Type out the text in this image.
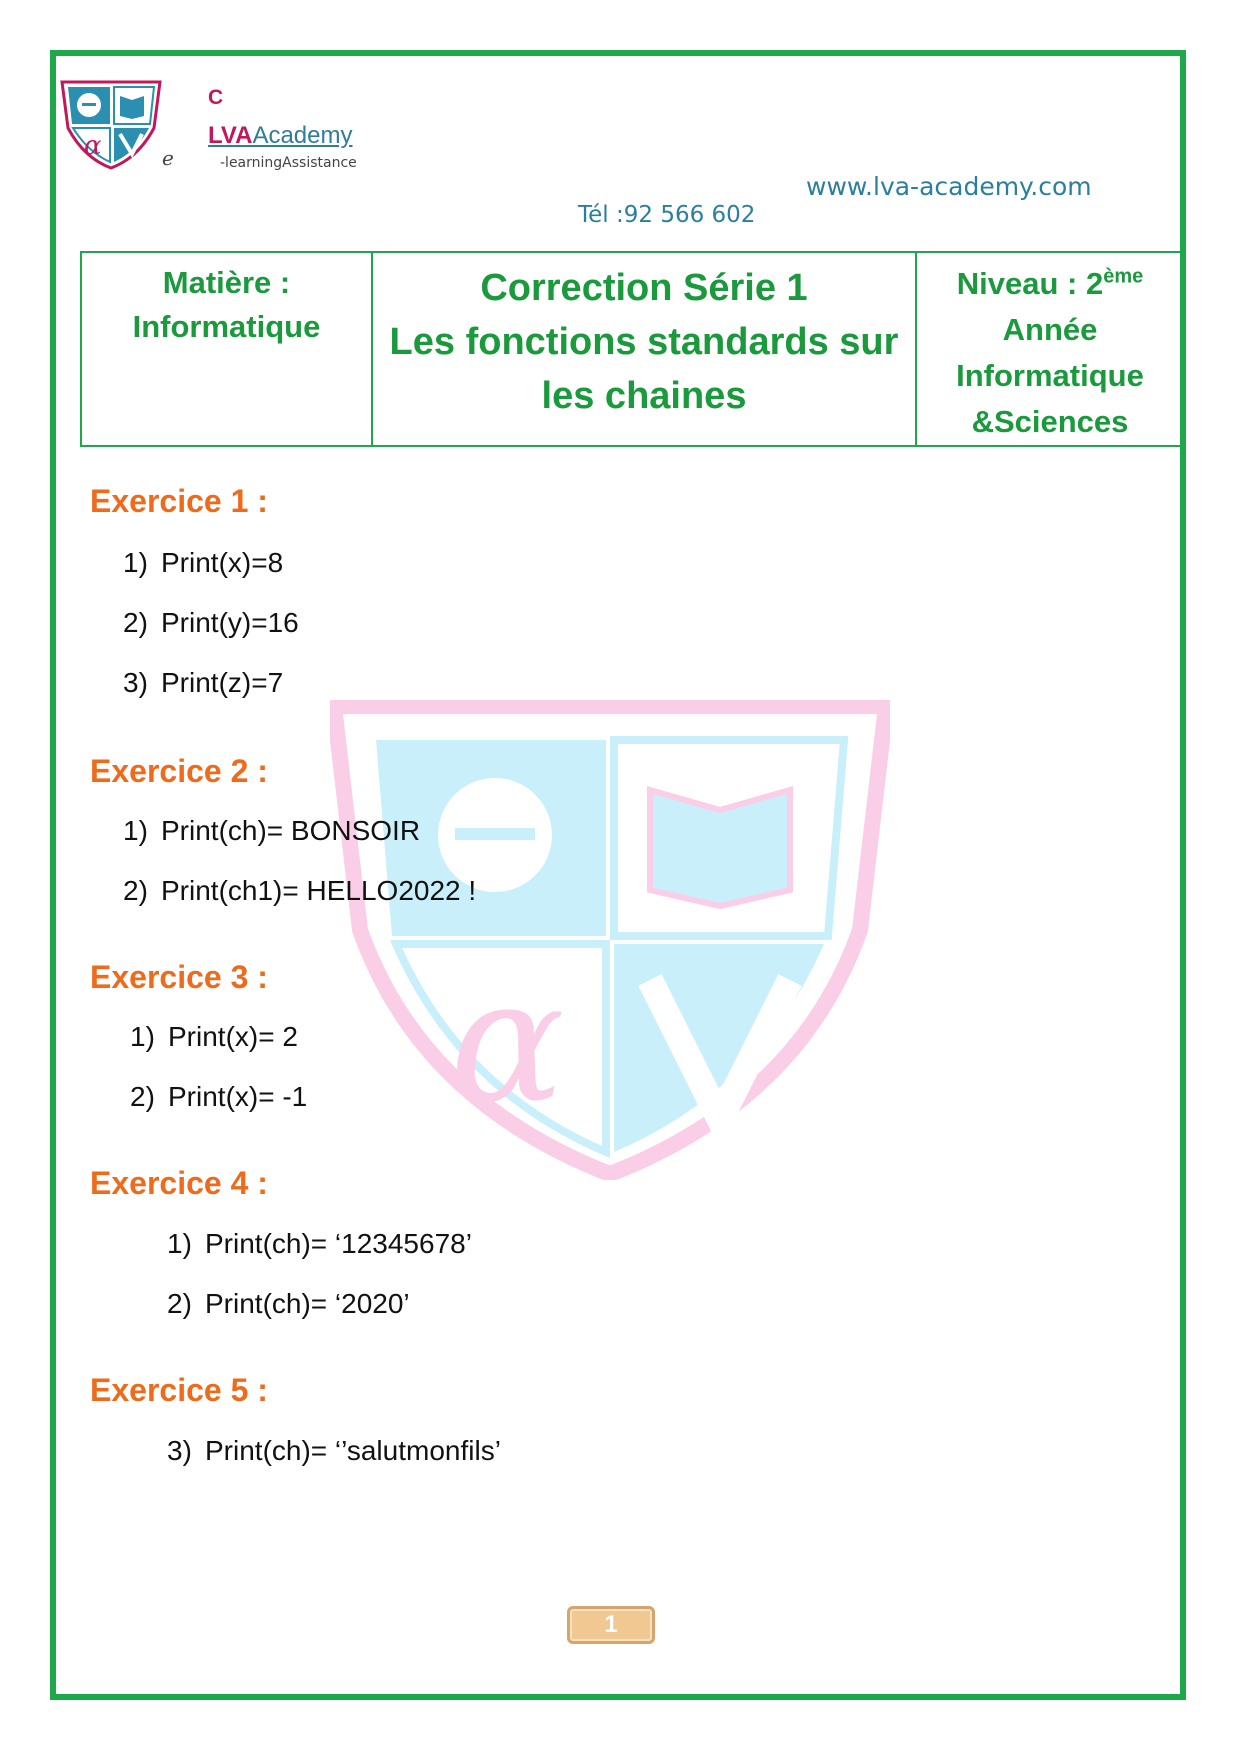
α	e
C
LVAAcademy
-learningAssistance
www.lva-academy.com
Tél :92 566 602
Matière :
Informatique

Correction Série 1
Les fonctions standards sur
les chaines

Niveau : 2ème
Année
Informatique
&Sciences
α
Exercice 1 :
1) Print(x)=8
2) Print(y)=16
3) Print(z)=7
Exercice 2 :
1) Print(ch)= BONSOIR
2) Print(ch1)= HELLO2022 !
Exercice 3 :
1) Print(x)= 2
2) Print(x)= -1
Exercice 4 :
1) Print(ch)= ‘12345678’
2) Print(ch)= ‘2020’
Exercice 5 :
3) Print(ch)= ‘’salutmonfils’
1
